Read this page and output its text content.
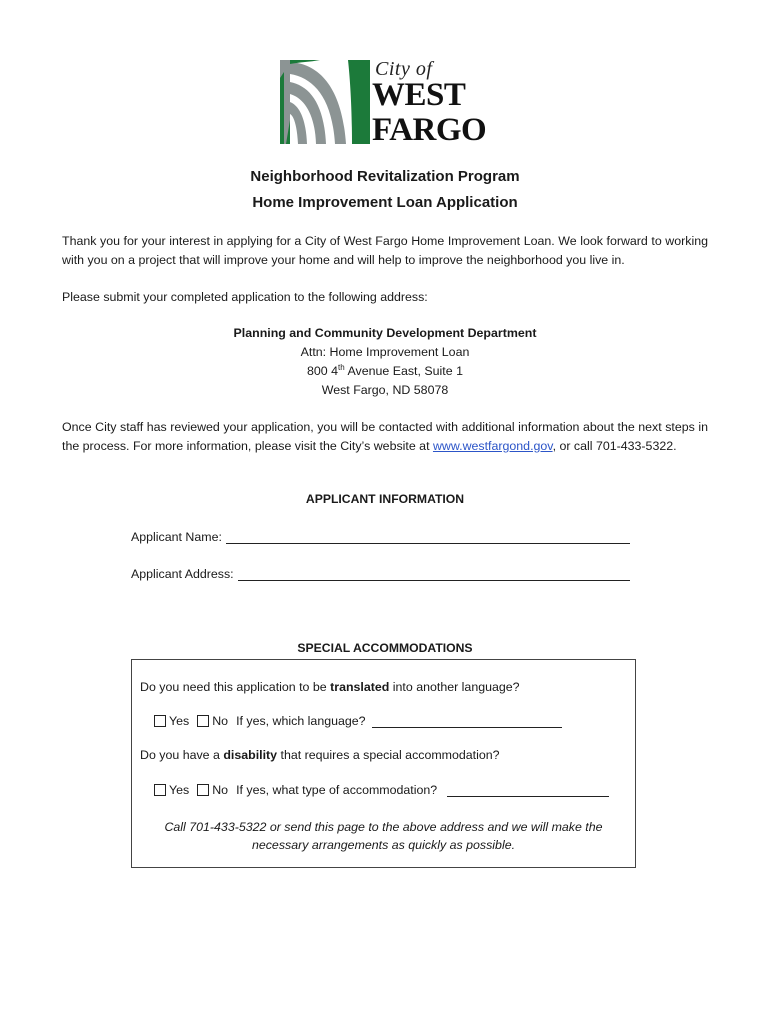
City of
WEST
FARGO
Neighborhood Revitalization Program
Home Improvement Loan Application
Thank you for your interest in applying for a City of West Fargo Home Improvement Loan. We look forward to working with you on a project that will improve your home and will help to improve the neighborhood you live in.
Please submit your completed application to the following address:
Planning and Community Development Department
Attn: Home Improvement Loan
800 4th Avenue East, Suite 1
West Fargo, ND 58078
Once City staff has reviewed your application, you will be contacted with additional information about the next steps in the process. For more information, please visit the City’s website at www.westfargond.gov, or call 701-433-5322.
APPLICANT INFORMATION
Applicant Name:
Applicant Address:
SPECIAL ACCOMMODATIONS
Do you need this application to be translated into another language?
Yes No If yes, which language?
Do you have a disability that requires a special accommodation?
Yes No If yes, what type of accommodation?
Call 701-433-5322 or send this page to the above address and we will make the
necessary arrangements as quickly as possible.
